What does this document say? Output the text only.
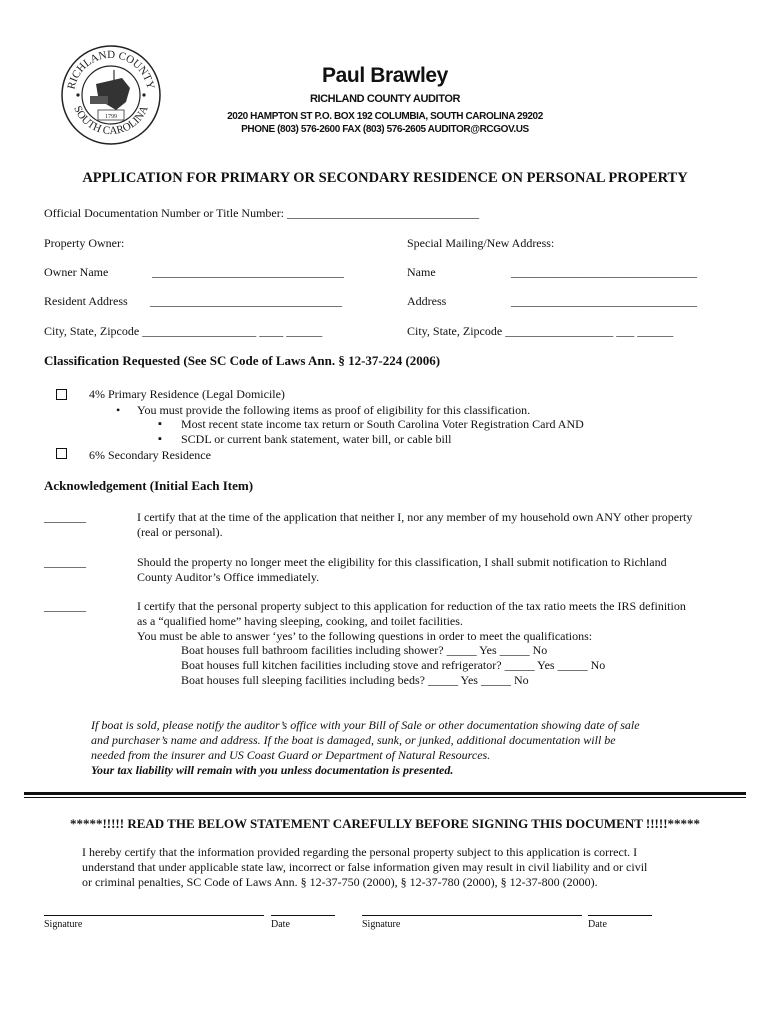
RICHLAND COUNTY
SOUTH CAROLINA
1799
Paul Brawley
RICHLAND COUNTY AUDITOR
2020 HAMPTON ST P.O. BOX 192 COLUMBIA, SOUTH CAROLINA 29202
PHONE (803) 576-2600 FAX (803) 576-2605 AUDITOR@RCGOV.US
APPLICATION FOR PRIMARY OR SECONDARY RESIDENCE ON PERSONAL PROPERTY
Official Documentation Number or Title Number: ________________________________
Property Owner:	Special Mailing/New Address:
Owner Name	________________________________	Name	_______________________________
Resident Address ________________________________	Address	_______________________________
City, State, Zipcode ___________________ ____ ______	City, State, Zipcode __________________ ___ ______
Classification Requested (See SC Code of Laws Ann. § 12-37-224 (2006)
4% Primary Residence (Legal Domicile)
• You must provide the following items as proof of eligibility for this classification.
▪ Most recent state income tax return or South Carolina Voter Registration Card AND
▪ SCDL or current bank statement, water bill, or cable bill
6% Secondary Residence
Acknowledgement (Initial Each Item)
_______	I certify that at the time of the application that neither I, nor any member of my household own ANY other property
(real or personal).
_______	Should the property no longer meet the eligibility for this classification, I shall submit notification to Richland
County Auditor’s Office immediately.
_______	I certify that the personal property subject to this application for reduction of the tax ratio meets the IRS definition
as a “qualified home” having sleeping, cooking, and toilet facilities.
You must be able to answer ‘yes’ to the following questions in order to meet the qualifications:
Boat houses full bathroom facilities including shower? _____ Yes _____ No
Boat houses full kitchen facilities including stove and refrigerator? _____ Yes _____ No
Boat houses full sleeping facilities including beds? _____ Yes _____ No
If boat is sold, please notify the auditor’s office with your Bill of Sale or other documentation showing date of sale
and purchaser’s name and address. If the boat is damaged, sunk, or junked, additional documentation will be
needed from the insurer and US Coast Guard or Department of Natural Resources.
Your tax liability will remain with you unless documentation is presented.
*****!!!!! READ THE BELOW STATEMENT CAREFULLY BEFORE SIGNING THIS DOCUMENT !!!!!*****
I hereby certify that the information provided regarding the personal property subject to this application is correct. I
understand that under applicable state law, incorrect or false information given may result in civil liability and or civil
or criminal penalties, SC Code of Laws Ann. § 12-37-750 (2000), § 12-37-780 (2000), § 12-37-800 (2000).
Signature	Date	Signature	Date
